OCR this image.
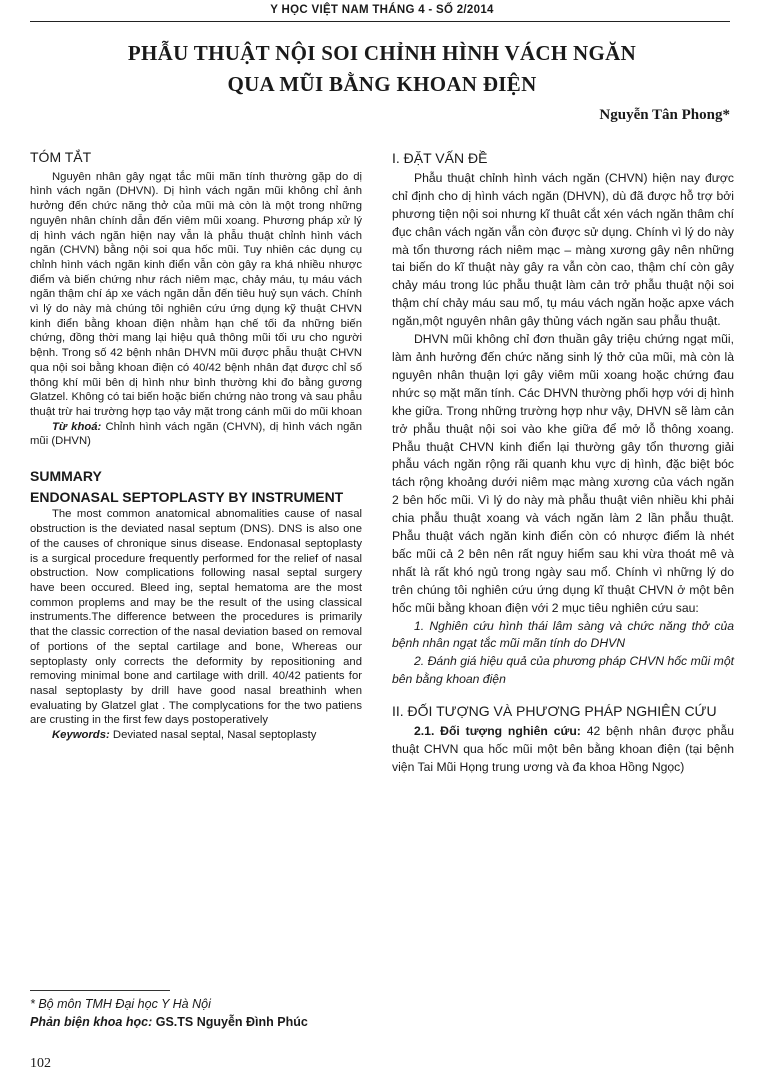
Y HỌC VIỆT NAM THÁNG 4 - SỐ 2/2014
PHẪU THUẬT NỘI SOI CHỈNH HÌNH VÁCH NGĂN
QUA MŨI BẰNG KHOAN ĐIỆN
Nguyễn Tân Phong*
TÓM TẮT

Nguyên nhân gây ngạt tắc mũi mãn tính thường gặp do dị hình vách ngăn (DHVN). Dị hình vách ngăn mũi không chỉ ảnh hưởng đến chức năng thở của mũi mà còn là một trong những nguyên nhân chính dẫn đến viêm mũi xoang. Phương pháp xử lý dị hình vách ngăn hiện nay vẫn là phẫu thuật chỉnh hình vách ngăn (CHVN) bằng nội soi qua hốc mũi. Tuy nhiên các dụng cụ chỉnh hình vách ngăn kinh điển vẫn còn gây ra khá nhiều nhược điểm và biến chứng như rách niêm mạc, chảy máu, tụ máu vách ngăn thậm chí áp xe vách ngăn dẫn đến tiêu huỷ sụn vách. Chính vì lý do này mà chúng tôi nghiên cứu ứng dụng kỹ thuật CHVN kinh điển bằng khoan điện nhằm hạn chế tối đa những biến chứng, đồng thời mang lại hiệu quả thông mũi tối ưu cho người bệnh. Trong số 42 bệnh nhân DHVN mũi được phẫu thuật CHVN qua nội soi bằng khoan điện có 40/42 bệnh nhân đạt được chỉ số thông khí mũi bên dị hình như bình thường khi đo bằng gương Glatzel. Không có tai biến hoặc biến chứng nào trong và sau phẫu thuật trừ hai trường hợp tạo vảy mặt trong cánh mũi do mũi khoan

Từ khoá: Chỉnh hình vách ngăn (CHVN), dị hình vách ngăn mũi (DHVN)

SUMMARY
ENDONASAL SEPTOPLASTY BY INSTRUMENT

The most common anatomical abnomalities cause of nasal obstruction is the deviated nasal septum (DNS). DNS is also one of the causes of chronique sinus disease. Endonasal septoplasty is a surgical procedure frequently performed for the relief of nasal obstruction. Now complications following nasal septal surgery have been occured. Bleed ing, septal hematoma are the most common proplems and may be the result of the using classical instruments.The difference between the procedures is primarily that the classic correction of the nasal deviation based on removal of portions of the septal cartilage and bone, Whereas our septoplasty only corrects the deformity by repositioning and removing minimal bone and cartilage with drill. 40/42 patients for nasal septoplasty by drill have good nasal breathinh when evaluating by Glatzel glat . The complycations for the two patiens are crusting in the first few days postoperatively

Keywords: Deviated nasal septal, Nasal septoplasty

* Bộ môn TMH Đại học Y Hà Nội
Phản biện khoa học: GS.TS Nguyễn Đình Phúc
I. ĐẶT VẤN ĐỀ

Phẫu thuật chỉnh hình vách ngăn (CHVN) hiện nay được chỉ định cho dị hình vách ngăn (DHVN), dù đã được hỗ trợ bởi phương tiện nội soi nhưng kĩ thuât cắt xén vách ngăn thâm chí đục chân vách ngăn vẫn còn được sử dụng. Chính vì lý do này mà tổn thương rách niêm mạc – màng xương gây nên những tai biến do kĩ thuật này gây ra vẫn còn cao, thậm chí còn gây chảy máu trong lúc phẫu thuật làm cản trở phẫu thuật nội soi thậm chí chảy máu sau mổ, tụ máu vách ngăn hoặc apxe vách ngăn,một nguyên nhân gây thủng vách ngăn sau phẫu thuật.

DHVN mũi không chỉ đơn thuần gây triệu chứng ngạt mũi, làm ảnh hưởng đến chức năng sinh lý thở của mũi, mà còn là nguyên nhân thuận lợi gây viêm mũi xoang hoặc chứng đau nhức sọ mặt mãn tính. Các DHVN thường phối hợp với dị hình khe giữa. Trong những trường hợp như vậy, DHVN sẽ làm cản trở phẫu thuật nội soi vào khe giữa để mở lỗ thông xoang. Phẫu thuật CHVN kinh điển lại thường gây tổn thương giải phẫu vách ngăn rộng rãi quanh khu vực dị hình, đặc biệt bóc tách rộng khoảng dưới niêm mạc màng xương của vách ngăn 2 bên hốc mũi. Vì lý do này mà phẫu thuật viên nhiều khi phải chia phẫu thuật xoang và vách ngăn làm 2 lần phẫu thuật. Phẫu thuật vách ngăn kinh điển còn có nhược điểm là nhét bấc mũi cả 2 bên nên rất nguy hiểm sau khi vừa thoát mê và nhất là rất khó ngủ trong ngày sau mổ. Chính vì những lý do trên chúng tôi nghiên cứu ứng dụng kĩ thuật CHVN ở một bên hốc mũi bằng khoan điện với 2 mục tiêu nghiên cứu sau:

1. Nghiên cứu hình thái lâm sàng và chức năng thở của bệnh nhân ngạt tắc mũi mãn tính do DHVN

2. Đánh giá hiệu quả của phương pháp CHVN hốc mũi một bên bằng khoan điện

II. ĐỐI TƯỢNG VÀ PHƯƠNG PHÁP NGHIÊN CỨU

2.1. Đối tượng nghiên cứu: 42 bệnh nhân được phẫu thuật CHVN qua hốc mũi một bên bằng khoan điện (tại bệnh viện Tai Mũi Họng trung ương và đa khoa Hồng Ngọc)

102
